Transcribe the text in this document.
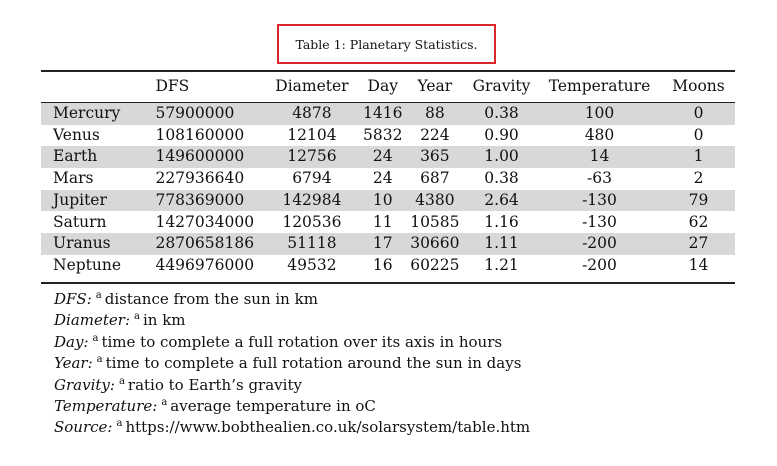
Table 1: Planetary Statistics.
	DFS	Diameter	Day	Year	Gravity	Temperature	Moons
Mercury	57900000	4878	1416	88	0.38	100	0
Venus	108160000	12104	5832	224	0.90	480	0
Earth	149600000	12756	24	365	1.00	14	1
Mars	227936640	6794	24	687	0.38	-63	2
Jupiter	778369000	142984	10	4380	2.64	-130	79
Saturn	1427034000	120536	11	10585	1.16	-130	62
Uranus	2870658186	51118	17	30660	1.11	-200	27
Neptune	4496976000	49532	16	60225	1.21	-200	14
DFS: $^a$ distance from the sun in km
Diameter: $^a$ in km
Day: $^a$ time to complete a full rotation over its axis in hours
Year: $^a$ time to complete a full rotation around the sun in days
Gravity: $^a$ ratio to Earth’s gravity
Temperature: $^a$ average temperature in oC
Source: $^a$ https://www.bobthealien.co.uk/solarsystem/table.htm
